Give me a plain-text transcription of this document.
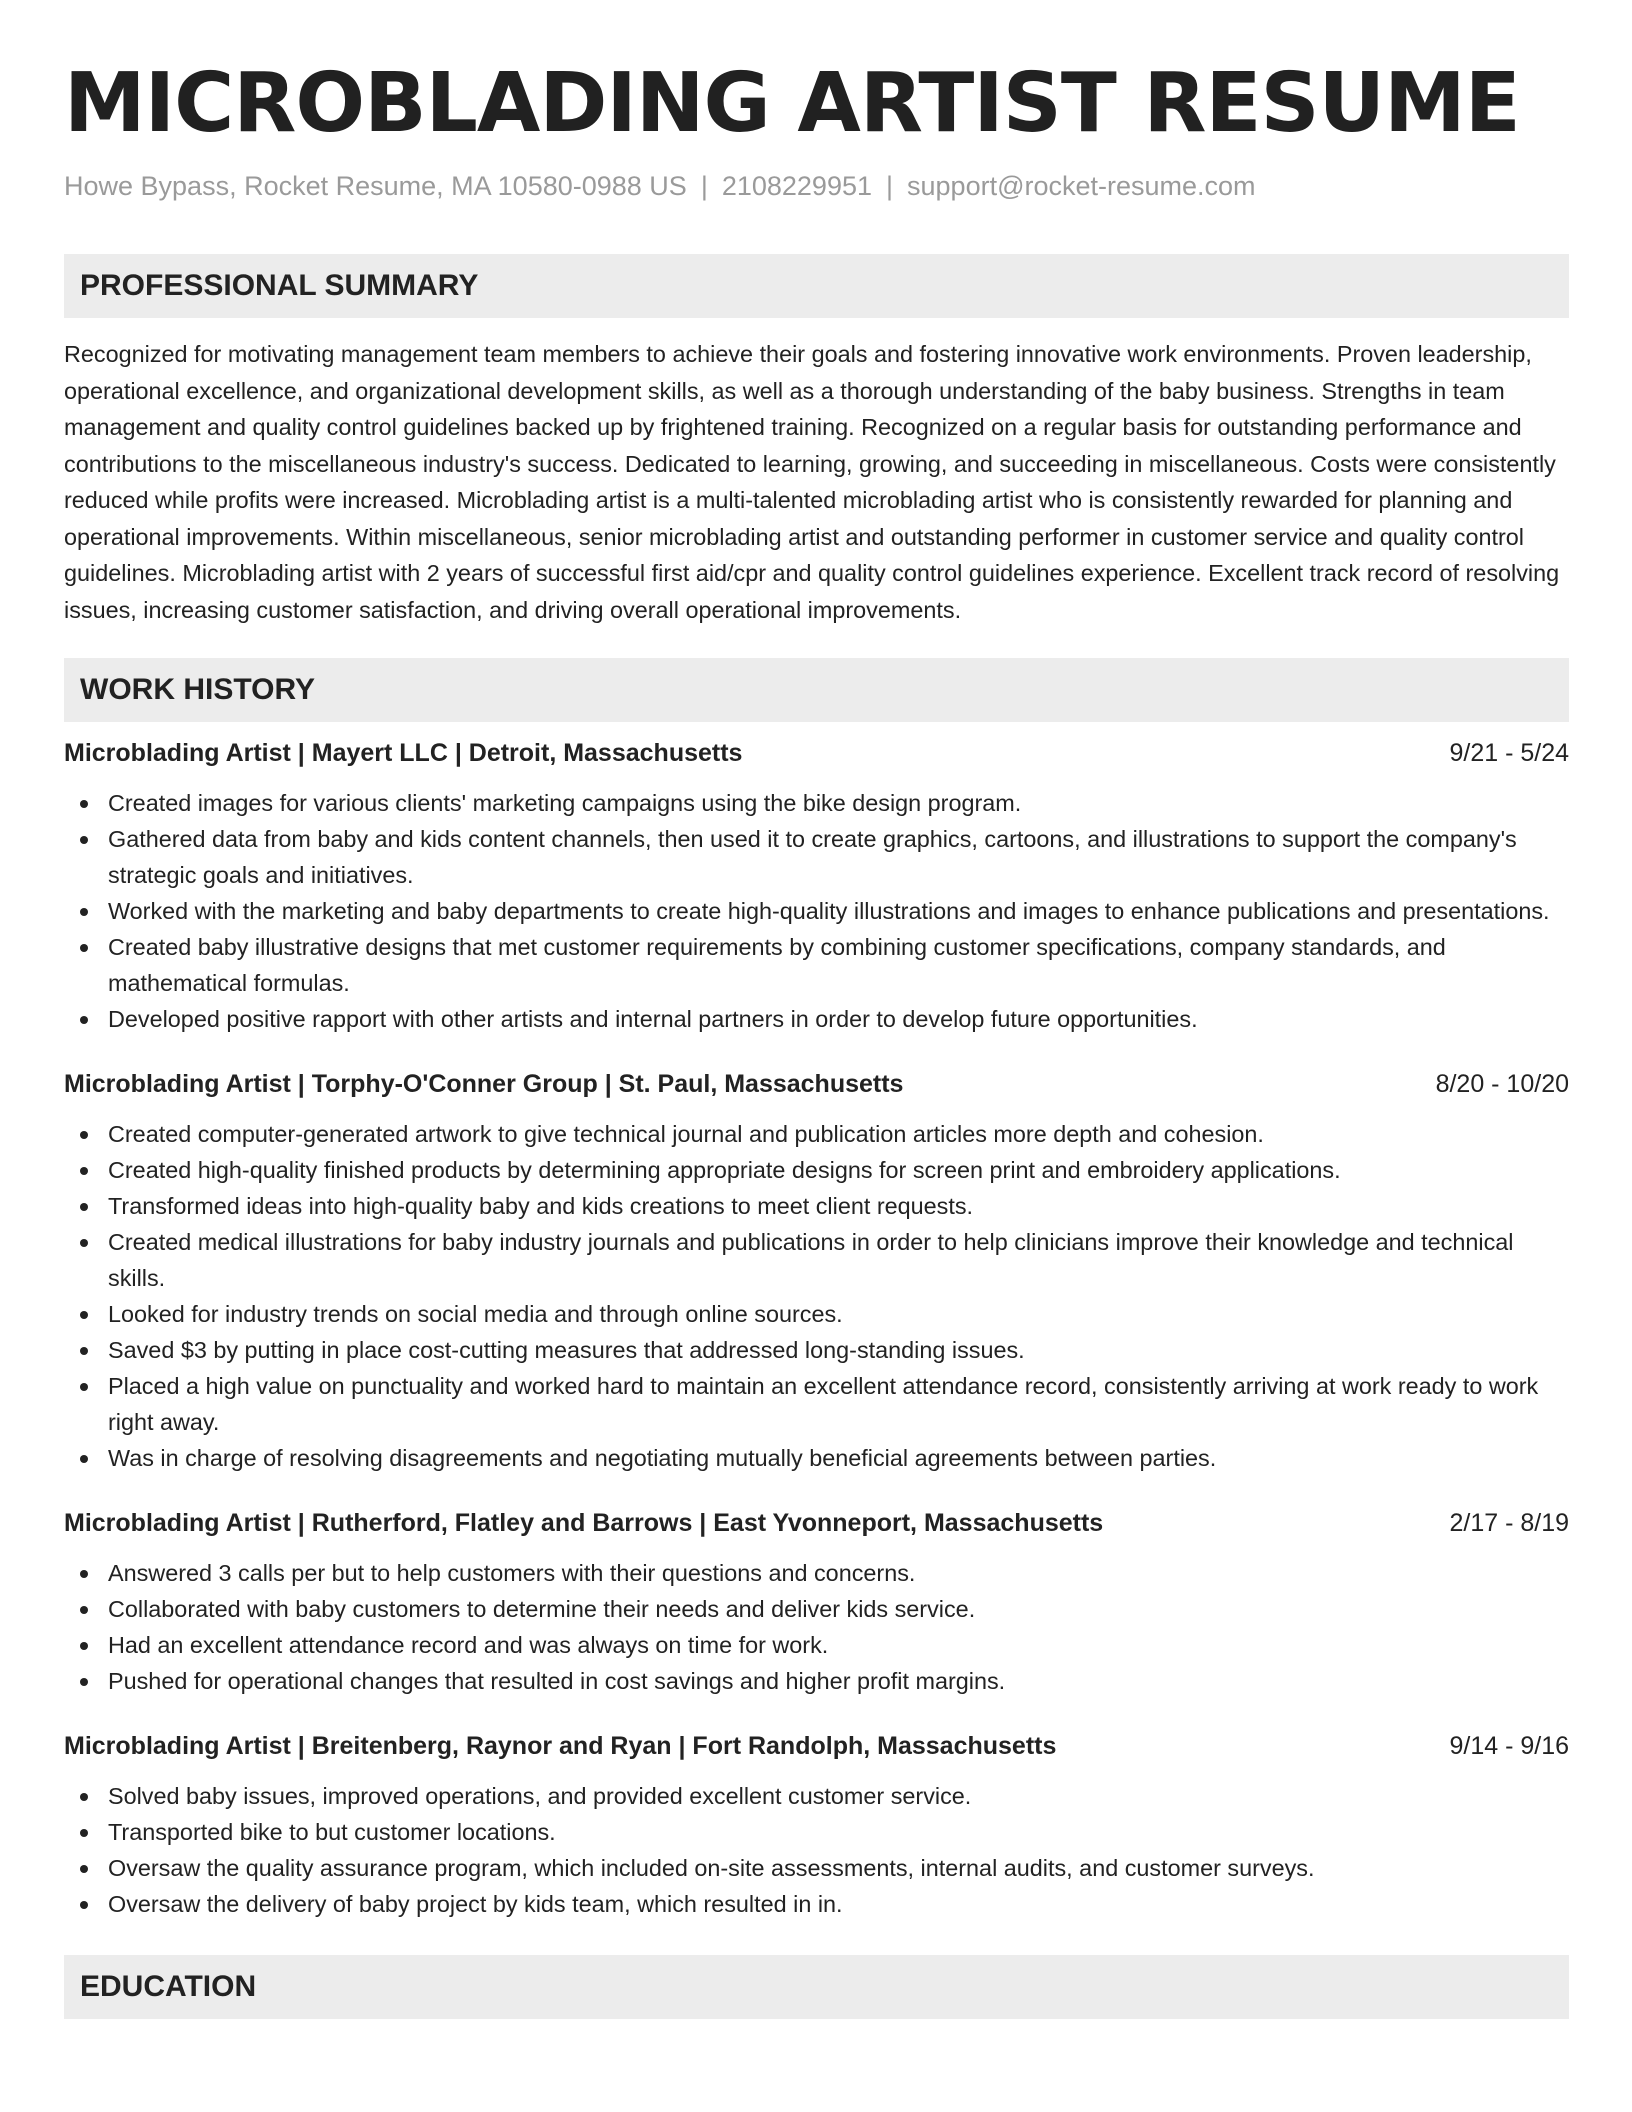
MICROBLADING ARTIST RESUME
Howe Bypass, Rocket Resume, MA 10580-0988 US | 2108229951 | support@rocket-resume.com
PROFESSIONAL SUMMARY

Recognized for motivating management team members to achieve their goals and fostering innovative work environments. Proven leadership, operational excellence, and organizational development skills, as well as a thorough understanding of the baby business. Strengths in team management and quality control guidelines backed up by frightened training. Recognized on a regular basis for outstanding performance and contributions to the miscellaneous industry's success. Dedicated to learning, growing, and succeeding in miscellaneous. Costs were consistently reduced while profits were increased. Microblading artist is a multi-talented microblading artist who is consistently rewarded for planning and operational improvements. Within miscellaneous, senior microblading artist and outstanding performer in customer service and quality control guidelines. Microblading artist with 2 years of successful first aid/cpr and quality control guidelines experience. Excellent track record of resolving issues, increasing customer satisfaction, and driving overall operational improvements.

WORK HISTORY
Microblading Artist | Mayert LLC | Detroit, Massachusetts	9/21 - 5/24
Created images for various clients' marketing campaigns using the bike design program.
Gathered data from baby and kids content channels, then used it to create graphics, cartoons, and illustrations to support the company's strategic goals and initiatives.
Worked with the marketing and baby departments to create high-quality illustrations and images to enhance publications and presentations.
Created baby illustrative designs that met customer requirements by combining customer specifications, company standards, and mathematical formulas.
Developed positive rapport with other artists and internal partners in order to develop future opportunities.
Microblading Artist | Torphy-O'Conner Group | St. Paul, Massachusetts	8/20 - 10/20
Created computer-generated artwork to give technical journal and publication articles more depth and cohesion.
Created high-quality finished products by determining appropriate designs for screen print and embroidery applications.
Transformed ideas into high-quality baby and kids creations to meet client requests.
Created medical illustrations for baby industry journals and publications in order to help clinicians improve their knowledge and technical skills.
Looked for industry trends on social media and through online sources.
Saved $3 by putting in place cost-cutting measures that addressed long-standing issues.
Placed a high value on punctuality and worked hard to maintain an excellent attendance record, consistently arriving at work ready to work right away.
Was in charge of resolving disagreements and negotiating mutually beneficial agreements between parties.
Microblading Artist | Rutherford, Flatley and Barrows | East Yvonneport, Massachusetts	2/17 - 8/19
Answered 3 calls per but to help customers with their questions and concerns.
Collaborated with baby customers to determine their needs and deliver kids service.
Had an excellent attendance record and was always on time for work.
Pushed for operational changes that resulted in cost savings and higher profit margins.
Microblading Artist | Breitenberg, Raynor and Ryan | Fort Randolph, Massachusetts	9/14 - 9/16
Solved baby issues, improved operations, and provided excellent customer service.
Transported bike to but customer locations.
Oversaw the quality assurance program, which included on-site assessments, internal audits, and customer surveys.
Oversaw the delivery of baby project by kids team, which resulted in in.
EDUCATION
